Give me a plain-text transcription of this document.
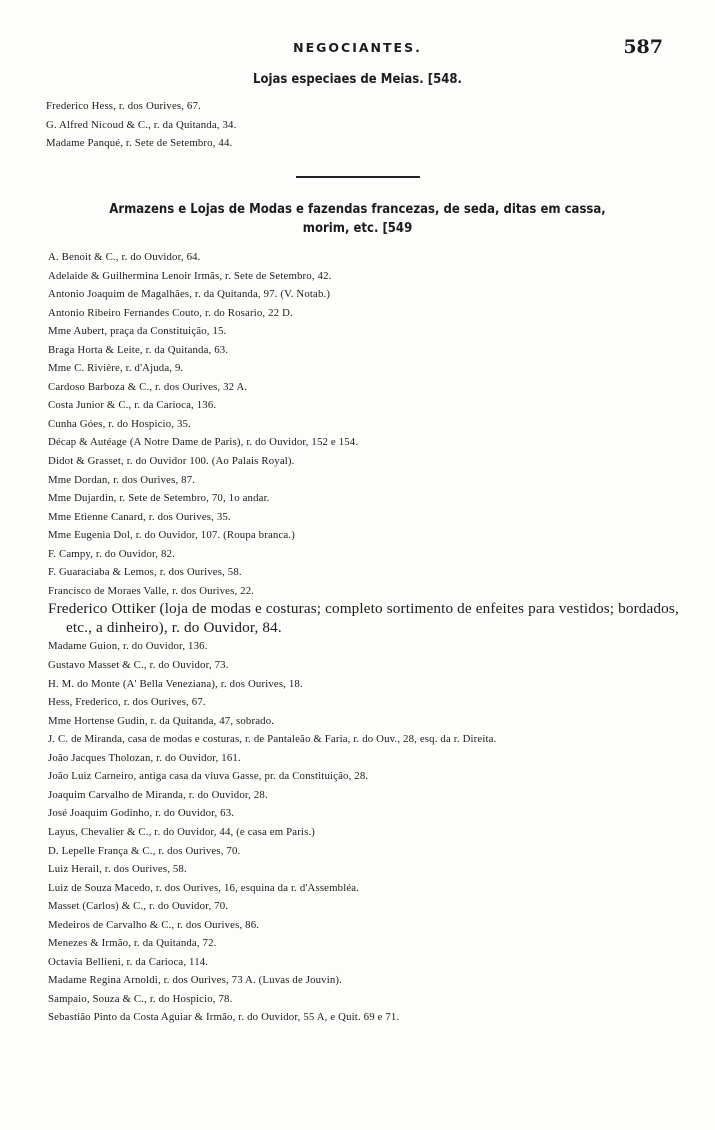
NEGOCIANTES.	587
Lojas especiaes de Meias. [548.
Frederico Hess, r. dos Ourives, 67.
G. Alfred Nicoud & C., r. da Quitanda, 34.
Madame Panqué, r. Sete de Setembro, 44.
Armazens e Lojas de Modas e fazendas francezas, de seda, ditas em cassa,
morim, etc. [549
A. Benoit & C., r. do Ouvidor, 64.
Adelaide & Guilhermina Lenoir Irmãs, r. Sete de Setembro, 42.
Antonio Joaquim de Magalhães, r. da Quitanda, 97. (V. Notab.)
Antonio Ribeiro Fernandes Couto, r. do Rosario, 22 D.
Mme Aubert, praça da Constituição, 15.
Braga Horta & Leite, r. da Quitanda, 63.
Mme C. Rivière, r. d'Ajuda, 9.
Cardoso Barboza & C., r. dos Ourives, 32 A.
Costa Junior & C., r. da Carioca, 136.
Cunha Góes, r. do Hospicio, 35.
Décap & Autéage (A Notre Dame de Paris), r. do Ouvidor, 152 e 154.
Didot & Grasset, r. do Ouvidor 100. (Ao Palais Royal).
Mme Dordan, r. dos Ourives, 87.
Mme Dujardin, r. Sete de Setembro, 70, 1o andar.
Mme Etienne Canard, r. dos Ourives, 35.
Mme Eugenia Dol, r. do Ouvidor, 107. (Roupa branca.)
F. Campy, r. do Ouvidor, 82.
F. Guaraciaba & Lemos, r. dos Ourives, 58.
Francisco de Moraes Valle, r. dos Ourives, 22.
Frederico Ottiker (loja de modas e costuras; completo sortimento de enfeites para vestidos; bordados, etc., a dinheiro), r. do Ouvidor, 84.
Madame Guion, r. do Ouvidor, 136.
Gustavo Masset & C., r. do Ouvidor, 73.
H. M. do Monte (A' Bella Veneziana), r. dos Ourives, 18.
Hess, Frederico, r. dos Ourives, 67.
Mme Hortense Gudin, r. da Quitanda, 47, sobrado.
J. C. de Miranda, casa de modas e costuras, r. de Pantaleão & Faria, r. do Ouv., 28, esq. da r. Direita.
João Jacques Tholozan, r. do Ouvidor, 161.
João Luiz Carneiro, antiga casa da viuva Gasse, pr. da Constituição, 28.
Joaquim Carvalho de Miranda, r. do Ouvidor, 28.
José Joaquim Godinho, r. do Ouvidor, 63.
Layus, Chevalier & C., r. do Ouvidor, 44, (e casa em Paris.)
D. Lepelle França & C., r. dos Ourives, 70.
Luiz Herail, r. dos Ourives, 58.
Luiz de Souza Macedo, r. dos Ourives, 16, esquina da r. d'Assembléa.
Masset (Carlos) & C., r. do Ouvidor, 70.
Medeiros de Carvalho & C., r. dos Ourives, 86.
Menezes & Irmão, r. da Quitanda, 72.
Octavia Bellieni, r. da Carioca, 114.
Madame Regina Arnoldi, r. dos Ourives, 73 A. (Luvas de Jouvin).
Sampaio, Souza & C., r. do Hospicio, 78.
Sebastião Pinto da Costa Aguiar & Irmão, r. do Ouvidor, 55 A, e Quit. 69 e 71.
